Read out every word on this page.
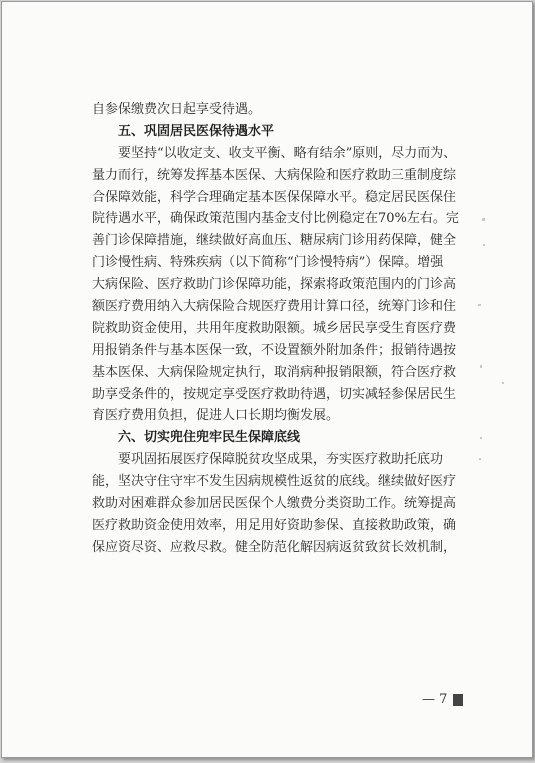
自参保缴费次日起享受待遇。
五、巩固居民医保待遇水平
要坚持“以收定支、收支平衡、略有结余”原则，尽力而为、
量力而行，统筹发挥基本医保、大病保险和医疗救助三重制度综
合保障效能，科学合理确定基本医保保障水平。稳定居民医保住
院待遇水平，确保政策范围内基金支付比例稳定在70%左右。完
善门诊保障措施，继续做好高血压、糖尿病门诊用药保障，健全
门诊慢性病、特殊疾病（以下简称“门诊慢特病”）保障。增强
大病保险、医疗救助门诊保障功能，探索将政策范围内的门诊高
额医疗费用纳入大病保险合规医疗费用计算口径，统筹门诊和住
院救助资金使用，共用年度救助限额。城乡居民享受生育医疗费
用报销条件与基本医保一致，不设置额外附加条件；报销待遇按
基本医保、大病保险规定执行，取消病种报销限额，符合医疗救
助享受条件的，按规定享受医疗救助待遇，切实减轻参保居民生
育医疗费用负担，促进人口长期均衡发展。
六、切实兜住兜牢民生保障底线
要巩固拓展医疗保障脱贫攻坚成果，夯实医疗救助托底功
能，坚决守住守牢不发生因病规模性返贫的底线。继续做好医疗
救助对困难群众参加居民医保个人缴费分类资助工作。统筹提高
医疗救助资金使用效率，用足用好资助参保、直接救助政策，确
保应资尽资、应救尽救。健全防范化解因病返贫致贫长效机制，
— 7
